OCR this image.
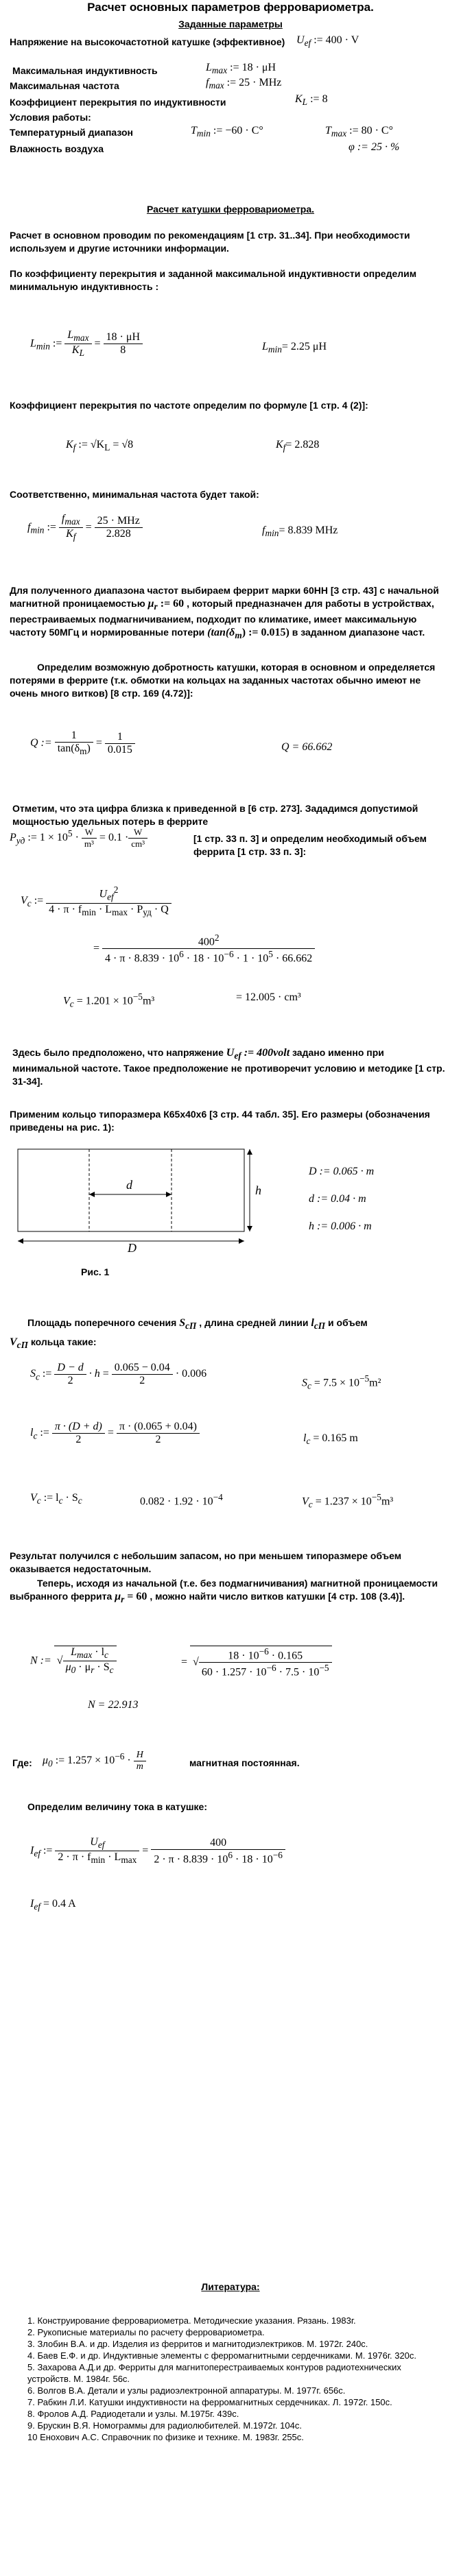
Расчет основных параметров ферровариометра.
Заданные параметры
Напряжение на высокочастотной катушке (эффективное) $U_{ef}$ := 400 · V
Максимальная индуктивность	$L_{max}$ := 18 · μH
Максимальная частота	$f_{max}$ := 25 · MHz
Коэффициент перекрытия по индуктивности	$K_L$ := 8
Условия работы:
Температурный диапазон	$T_{min}$ := −60 · C°	$T_{max}$ := 80 · C°
Влажность воздуха	φ := 25 · %
Расчет катушки ферровариометра.
Расчет в основном проводим по рекомендациям [1 стр. 31..34]. При необходимости используем и другие источники информации.
По коэффициенту перекрытия и заданной максимальной индуктивности определим минимальную индуктивность :
$L_{min}$ := $\frac{L_{max}}{K_L} = \frac{18 \cdot \mu H}{8}$	$L_{min}= 2.25$ μH
Коэффициент перекрытия по частоте определим по формуле [1 стр. 4 (2)]:
$K_f$ := $√K_L = √8$	$K_f= 2.828$
Соответственно, минимальная частота будет такой:
$f_{min}$ := $\frac{f_{max}}{K_f} = \frac{\text{25 · MHz}}{2.828}$	$f_{min}= 8.839$ MHz
Для полученного диапазона частот выбираем феррит марки 60НН [3 стр. 43] с начальной магнитной проницаемостью $\mu_r$ := 60 , который предназначен для работы в устройствах, перестраиваемых подмагничиванием, подходит по климатике, имеет максимальную частоту 50МГц и нормированные потери ($\tan(\delta_m)$ := 0.015) в заданном диапазоне част.
Определим возможную добротность катушки, которая в основном и определяется потерями в феррите (т.к. обмотки на кольцах на заданных частотах обычно имеют не очень много витков) [8 стр. 169 (4.72)]:
Q := $\frac{1}{\tan(\delta_m)} = \frac{1}{0.015}$	Q = 66.662
Отметим, что эта цифра близка к приведенной в [6 стр. 273]. Зададимся допустимой мощностью удельных потерь в феррите
$P_{уд}$ := $1 \times 10^5 \cdot \frac{W}{\text{m³}} = 0.1 \cdot \frac{W}{\text{cm³}}$	[1 стр. 33 п. 3] и определим необходимый объем феррита [1 стр. 33 п. 3]:
$V_c$ := $\frac{U_{ef}^2}{4 \cdot \pi \cdot f_{min} \cdot L_{max} \cdot P_{уд} \cdot Q}$
= $\frac{400^2}{4 \cdot \pi \cdot 8.839 \cdot 10^6 \cdot 18 \cdot 10^{-6} \cdot 1 \cdot 10^5 \cdot 66.662}$
$V_c = 1.201 \times 10^{-5}m^3$	= 12.005 · cm³
Здесь было предположено, что напряжение $U_{ef}$ := 400volt задано именно при минимальной частоте. Такое предположение не противоречит условию и методике [1 стр. 31-34].
Применим кольцо типоразмера К65х40х6 [3 стр. 44 табл. 35]. Его размеры (обозначения приведены на рис. 1):
d
D
h
Рис. 1
D := 0.065 · m
d := 0.04 · m
h := 0.006 · m
Площадь поперечного сечения $S_{cП}$ , длина средней линии $l_{cП}$ и объем
$V_{cП}$ кольца такие:
$S_c$ := $\frac{D - d}{2} \cdot h = \frac{0.065 - 0.04}{2} \cdot 0.006$
$S_c = 7.5 \times 10^{-5}m^2$
$l_c$ := $\frac{\pi \cdot (D + d)}{2} = \frac{\pi \cdot (0.065 + 0.04)}{2}$	$l_c = 0.165$ m
$V_c$ := $l_c \cdot S_c$	$0.082 \cdot 1.92 \cdot 10^{-4}$	$V_c = 1.237 \times 10^{-5}m^3$
Результат получился с небольшим запасом, но при меньшем типоразмере объем оказывается недостаточным.
Теперь, исходя из начальной (т.е. без подмагничивания) магнитной проницаемости выбранного феррита $\mu_r = 60$ , можно найти число витков катушки [4 стр. 108 (3.4)].
N := √ $\frac{L_{max} \cdot l_c}{\mu_0 \cdot \mu_r \cdot S_c}$	= √ $\frac{18 \cdot 10^{-6} \cdot 0.165}{60 \cdot 1.257 \cdot 10^{-6} \cdot 7.5 \cdot 10^{-5}}$
N = 22.913
Где: $\mu_0$ := $1.257 \times 10^{-6} \cdot \frac{H}{m}$	магнитная постоянная.
Определим величину тока в катушке:
$I_{ef}$ := $\frac{U_{ef}}{2 \cdot \pi \cdot f_{min} \cdot L_{max}} = \frac{400}{2 \cdot \pi \cdot 8.839 \cdot 10^6 \cdot 18 \cdot 10^{-6}}$
$I_{ef} = 0.4$ A
Литература:
1. Конструирование ферровариометра. Методические указания. Рязань. 1983г.
2. Рукописные материалы по расчету ферровариометра.
3. Злобин В.А. и др. Изделия из ферритов и магнитодиэлектриков. М. 1972г. 240с.
4. Баев Е.Ф. и др. Индуктивные элементы с ферромагнитными сердечниками. М. 1976г. 320с.
5. Захарова А.Д.и др. Ферриты для магнитоперестраиваемых контуров радиотехнических устройств. М. 1984г. 56с.
6. Волгов В.А. Детали и узлы радиоэлектронной аппаратуры. М. 1977г. 656с.
7. Рабкин Л.И. Катушки индуктивности на ферромагнитных сердечниках. Л. 1972г. 150с.
8. Фролов А.Д. Радиодетали и узлы. М.1975г. 439с.
9. Брускин В.Я. Номограммы для радиолюбителей. М.1972г. 104с.
10 Енохович А.С. Справочник по физике и технике. М. 1983г. 255с.
